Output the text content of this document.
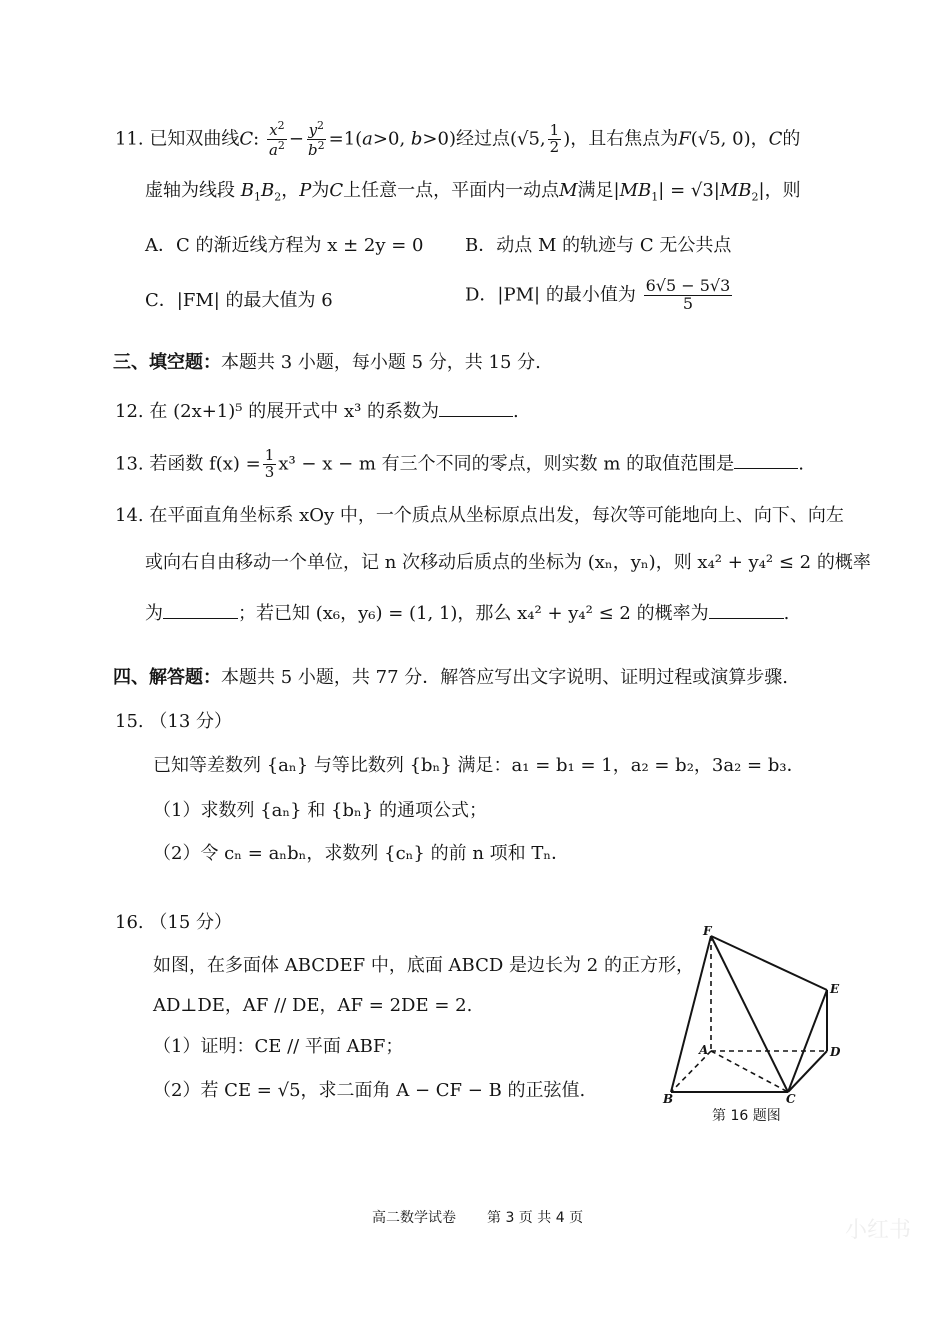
11. 已知双曲线C: $\frac{x^2}{a^2} - \frac{y^2}{b^2} =1(a>0$, b>0)经过点(√5, $\frac{1}{2}$ )，且右焦点为F(√5, 0)，C的
虚轴为线段 $B_1B_2$，P为C上任意一点，平面内一动点M满足$|MB_1| = √3|MB_2|$，则
A．C 的渐近线方程为 x ± 2y = 0 B．动点 M 的轨迹与 C 无公共点
C．|FM| 的最大值为 6	D．|PM| 的最小值为 $\frac{6√5 - 5√3}{5}$
三、填空题：本题共 3 小题，每小题 5 分，共 15 分.
12. 在 (2x+1)⁵ 的展开式中 x³ 的系数为	.
13. 若函数 $f(x) = \frac{1}{3} x^3 - x - m$ 有三个不同的零点，则实数 m 的取值范围是	.
14. 在平面直角坐标系 xOy 中，一个质点从坐标原点出发，每次等可能地向上、向下、向左
或向右自由移动一个单位，记 n 次移动后质点的坐标为 (xₙ，yₙ)，则 x₄² + y₄² ≤ 2 的概率
为	；若已知 (x₆，y₆) = (1, 1)，那么 x₄² + y₄² ≤ 2 的概率为	.
四、解答题：本题共 5 小题，共 77 分．解答应写出文字说明、证明过程或演算步骤.
15. （13 分）
已知等差数列 {aₙ} 与等比数列 {bₙ} 满足：a₁ = b₁ = 1，a₂ = b₂，3a₂ = b₃．
（1）求数列 {aₙ} 和 {bₙ} 的通项公式；
（2）令 cₙ = aₙbₙ，求数列 {cₙ} 的前 n 项和 Tₙ．
16. （15 分）
如图，在多面体 ABCDEF 中，底面 ABCD 是边长为 2 的正方形，
AD⊥DE，AF // DE，AF = 2DE = 2.
（1）证明：CE // 平面 ABF；
（2）若 CE = √5，求二面角 A − CF − B 的正弦值.
F
E
A	D
B	C
第 16 题图
高二数学试卷 第 3 页 共 4 页	小红书
